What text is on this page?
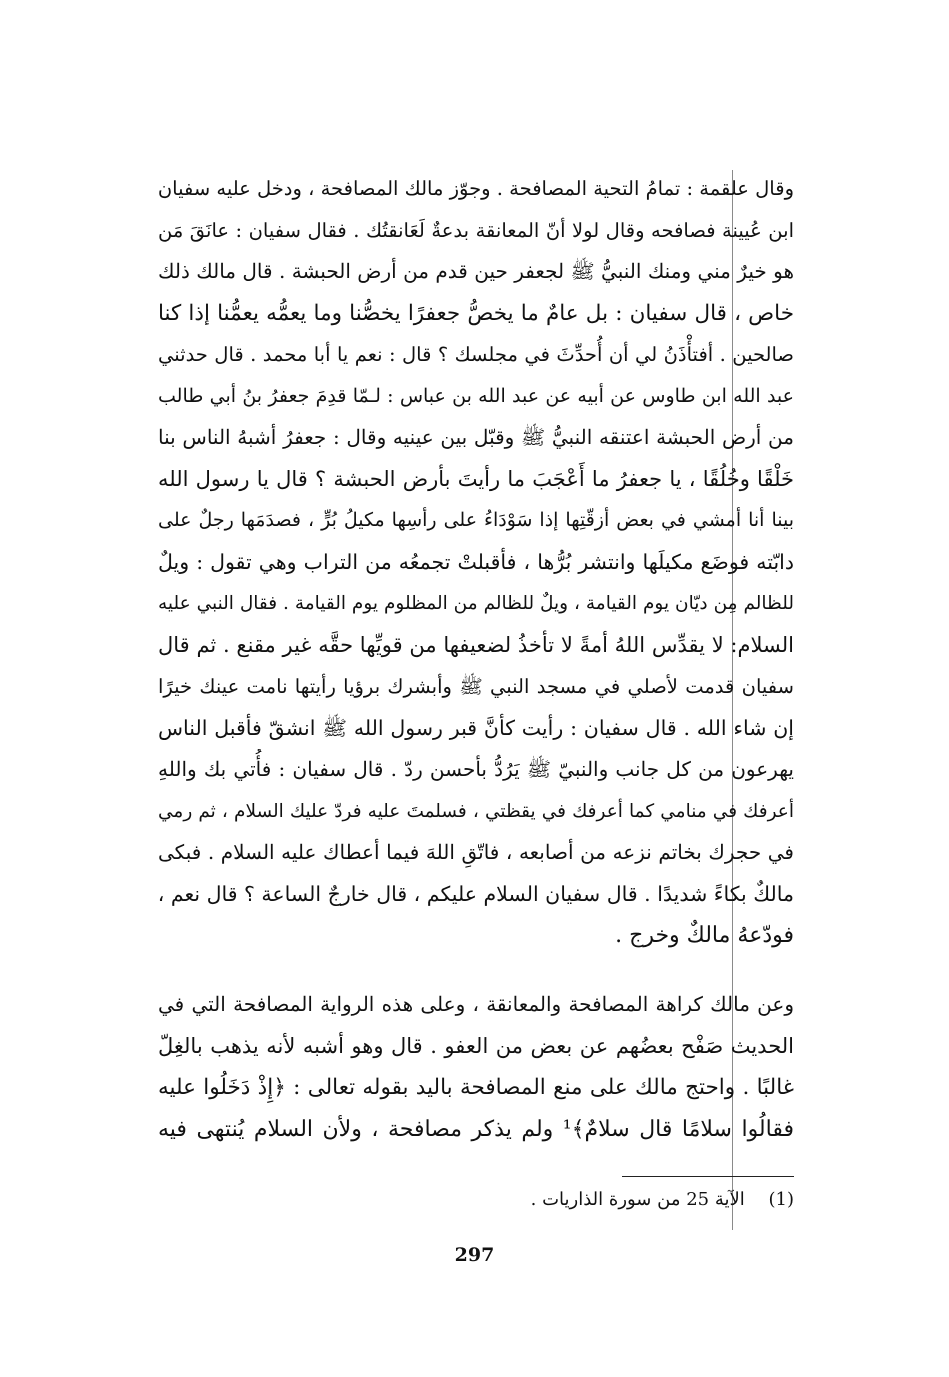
وقال علقمة : تمامُ التحية المصافحة . وجوّز مالك المصافحة ، ودخل عليه سفيان
ابن عُيينة فصافحه وقال لولا أنّ المعانقة بدعةٌ لَعَانقتُك . فقال سفيان : عانَقَ مَن
هو خيرٌ مني ومنك النبيُّ ﷺ لجعفر حين قدم من أرض الحبشة . قال مالك ذلك
خاص ، قال سفيان : بل عامٌ ما يخصُّ جعفرًا يخصُّنا وما يعمُّه يعمُّنا إذا كنا
صالحين . أفتأْذَنُ لي أن أُحدِّثَ في مجلسك ؟ قال : نعم يا أبا محمد . قال حدثني
عبد الله ابن طاوس عن أبيه عن عبد الله بن عباس : لـمّا قدِمَ جعفرُ بنُ أبي طالب
من أرض الحبشة اعتنقه النبيُّ ﷺ وقبّل بين عينيه وقال : جعفرُ أشبهُ الناس بنا
خَلْقًا وخُلُقًا ، يا جعفرُ ما أَعْجَبَ ما رأيتَ بأرض الحبشة ؟ قال يا رسول الله
بينا أنا أمشي في بعض أزقّتِها إذا سَوْدَاءُ على رأسِها مكيلُ بُرٍّ ، فصدَمَها رجلٌ على
دابّته فوضَع مكيلَها وانتشر بُرُّها ، فأقبلتْ تجمعُه من التراب وهي تقول : ويلٌ
للظالم مِن ديّان يوم القيامة ، ويلٌ للظالم من المظلوم يوم القيامة . فقال النبي عليه
السلام: لا يقدِّس اللهُ أمةً لا تأخذُ لضعيفها من قويِّها حقَّه غير مقنع . ثم قال
سفيان قدمت لأصلي في مسجد النبي ﷺ وأبشرك برؤيا رأيتها نامت عينك خيرًا
إن شاء الله . قال سفيان : رأيت كأنَّ قبر رسول الله ﷺ انشقّ فأقبل الناس
يهرعون من كل جانب والنبيّ ﷺ يَرُدُّ بأحسن ردّ . قال سفيان : فأُتي بك واللهِ
أعرفك في منامي كما أعرفك في يقظتي ، فسلمتَ عليه فردّ عليك السلام ، ثم رمي
في حجرك بخاتم نزعه من أصابعه ، فاتّقِ اللهَ فيما أعطاك عليه السلام . فبكى
مالكٌ بكاءً شديدًا . قال سفيان السلام عليكم ، قال خارجٌ الساعة ؟ قال نعم ،
فودّعهُ مالكٌ وخرج .
وعن مالك كراهة المصافحة والمعانقة ، وعلى هذه الرواية المصافحة التي في
الحديث صَفْح بعضُهم عن بعض من العفو . قال وهو أشبه لأنه يذهب بالغِلّ
غالبًا . واحتج مالك على منع المصافحة باليد بقوله تعالى : ﴿إِذْ دَخَلُوا عليه
فقالُوا سلامًا قال سلامٌ﴾¹ ولم يذكر مصافحة ، ولأن السلام يُنتهى فيه
(1) الآية 25 من سورة الذاريات .
297
